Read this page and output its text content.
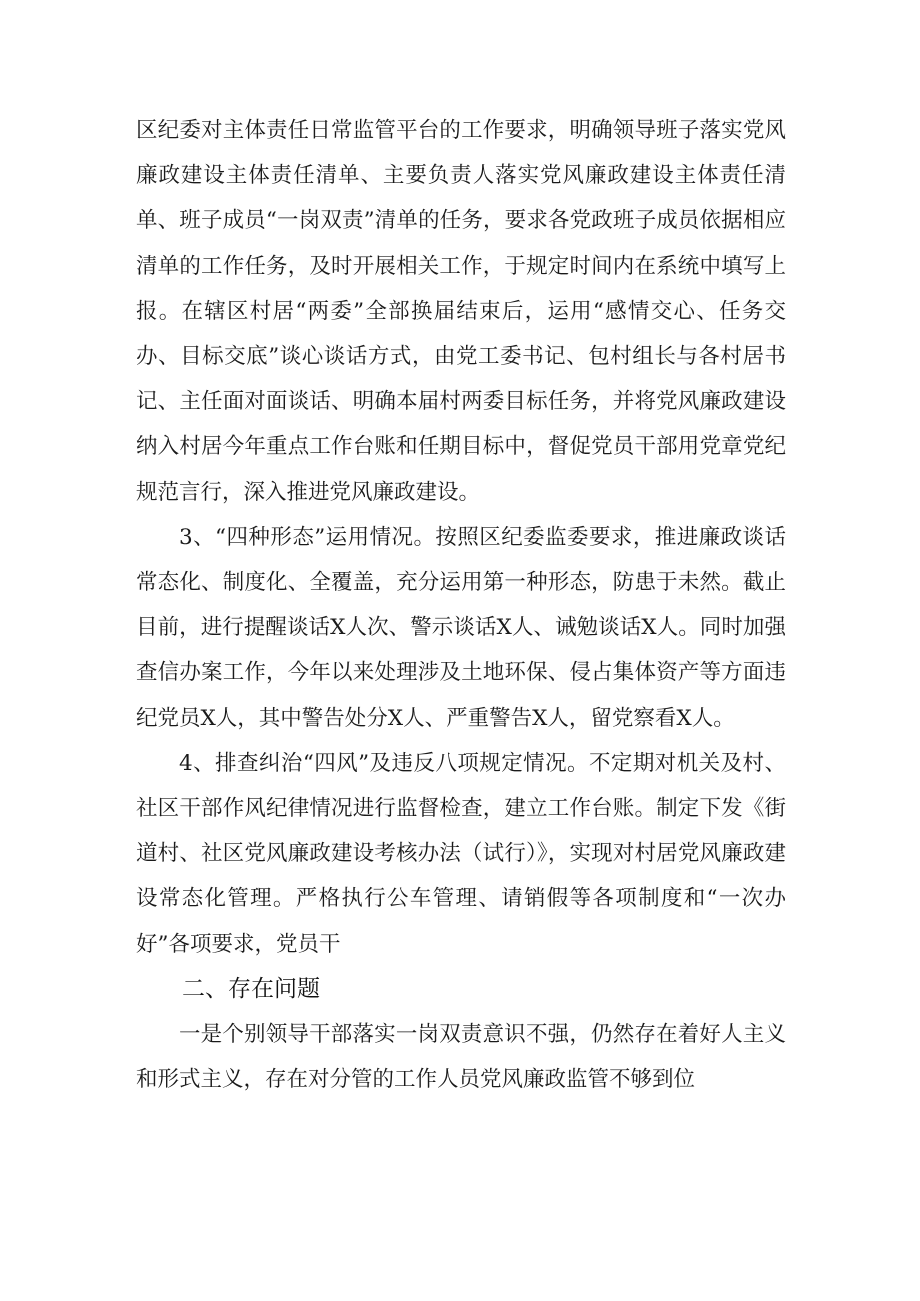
区纪委对主体责任日常监管平台的工作要求，明确领导班子落实党风廉政建设主体责任清单、主要负责人落实党风廉政建设主体责任清单、班子成员“一岗双责”清单的任务，要求各党政班子成员依据相应清单的工作任务，及时开展相关工作，于规定时间内在系统中填写上报。在辖区村居“两委”全部换届结束后，运用“感情交心、任务交办、目标交底”谈心谈话方式，由党工委书记、包村组长与各村居书记、主任面对面谈话、明确本届村两委目标任务，并将党风廉政建设纳入村居今年重点工作台账和任期目标中，督促党员干部用党章党纪规范言行，深入推进党风廉政建设。

3、“四种形态”运用情况。按照区纪委监委要求，推进廉政谈话常态化、制度化、全覆盖，充分运用第一种形态，防患于未然。截止目前，进行提醒谈话X人次、警示谈话X人、诫勉谈话X人。同时加强查信办案工作，今年以来处理涉及土地环保、侵占集体资产等方面违纪党员X人，其中警告处分X人、严重警告X人，留党察看X人。

4、排查纠治“四风”及违反八项规定情况。不定期对机关及村、社区干部作风纪律情况进行监督检查，建立工作台账。制定下发《街道村、社区党风廉政建设考核办法（试行）》，实现对村居党风廉政建设常态化管理。严格执行公车管理、请销假等各项制度和“一次办好”各项要求，党员干

二、存在问题

一是个别领导干部落实一岗双责意识不强，仍然存在着好人主义和形式主义，存在对分管的工作人员党风廉政监管不够到位
